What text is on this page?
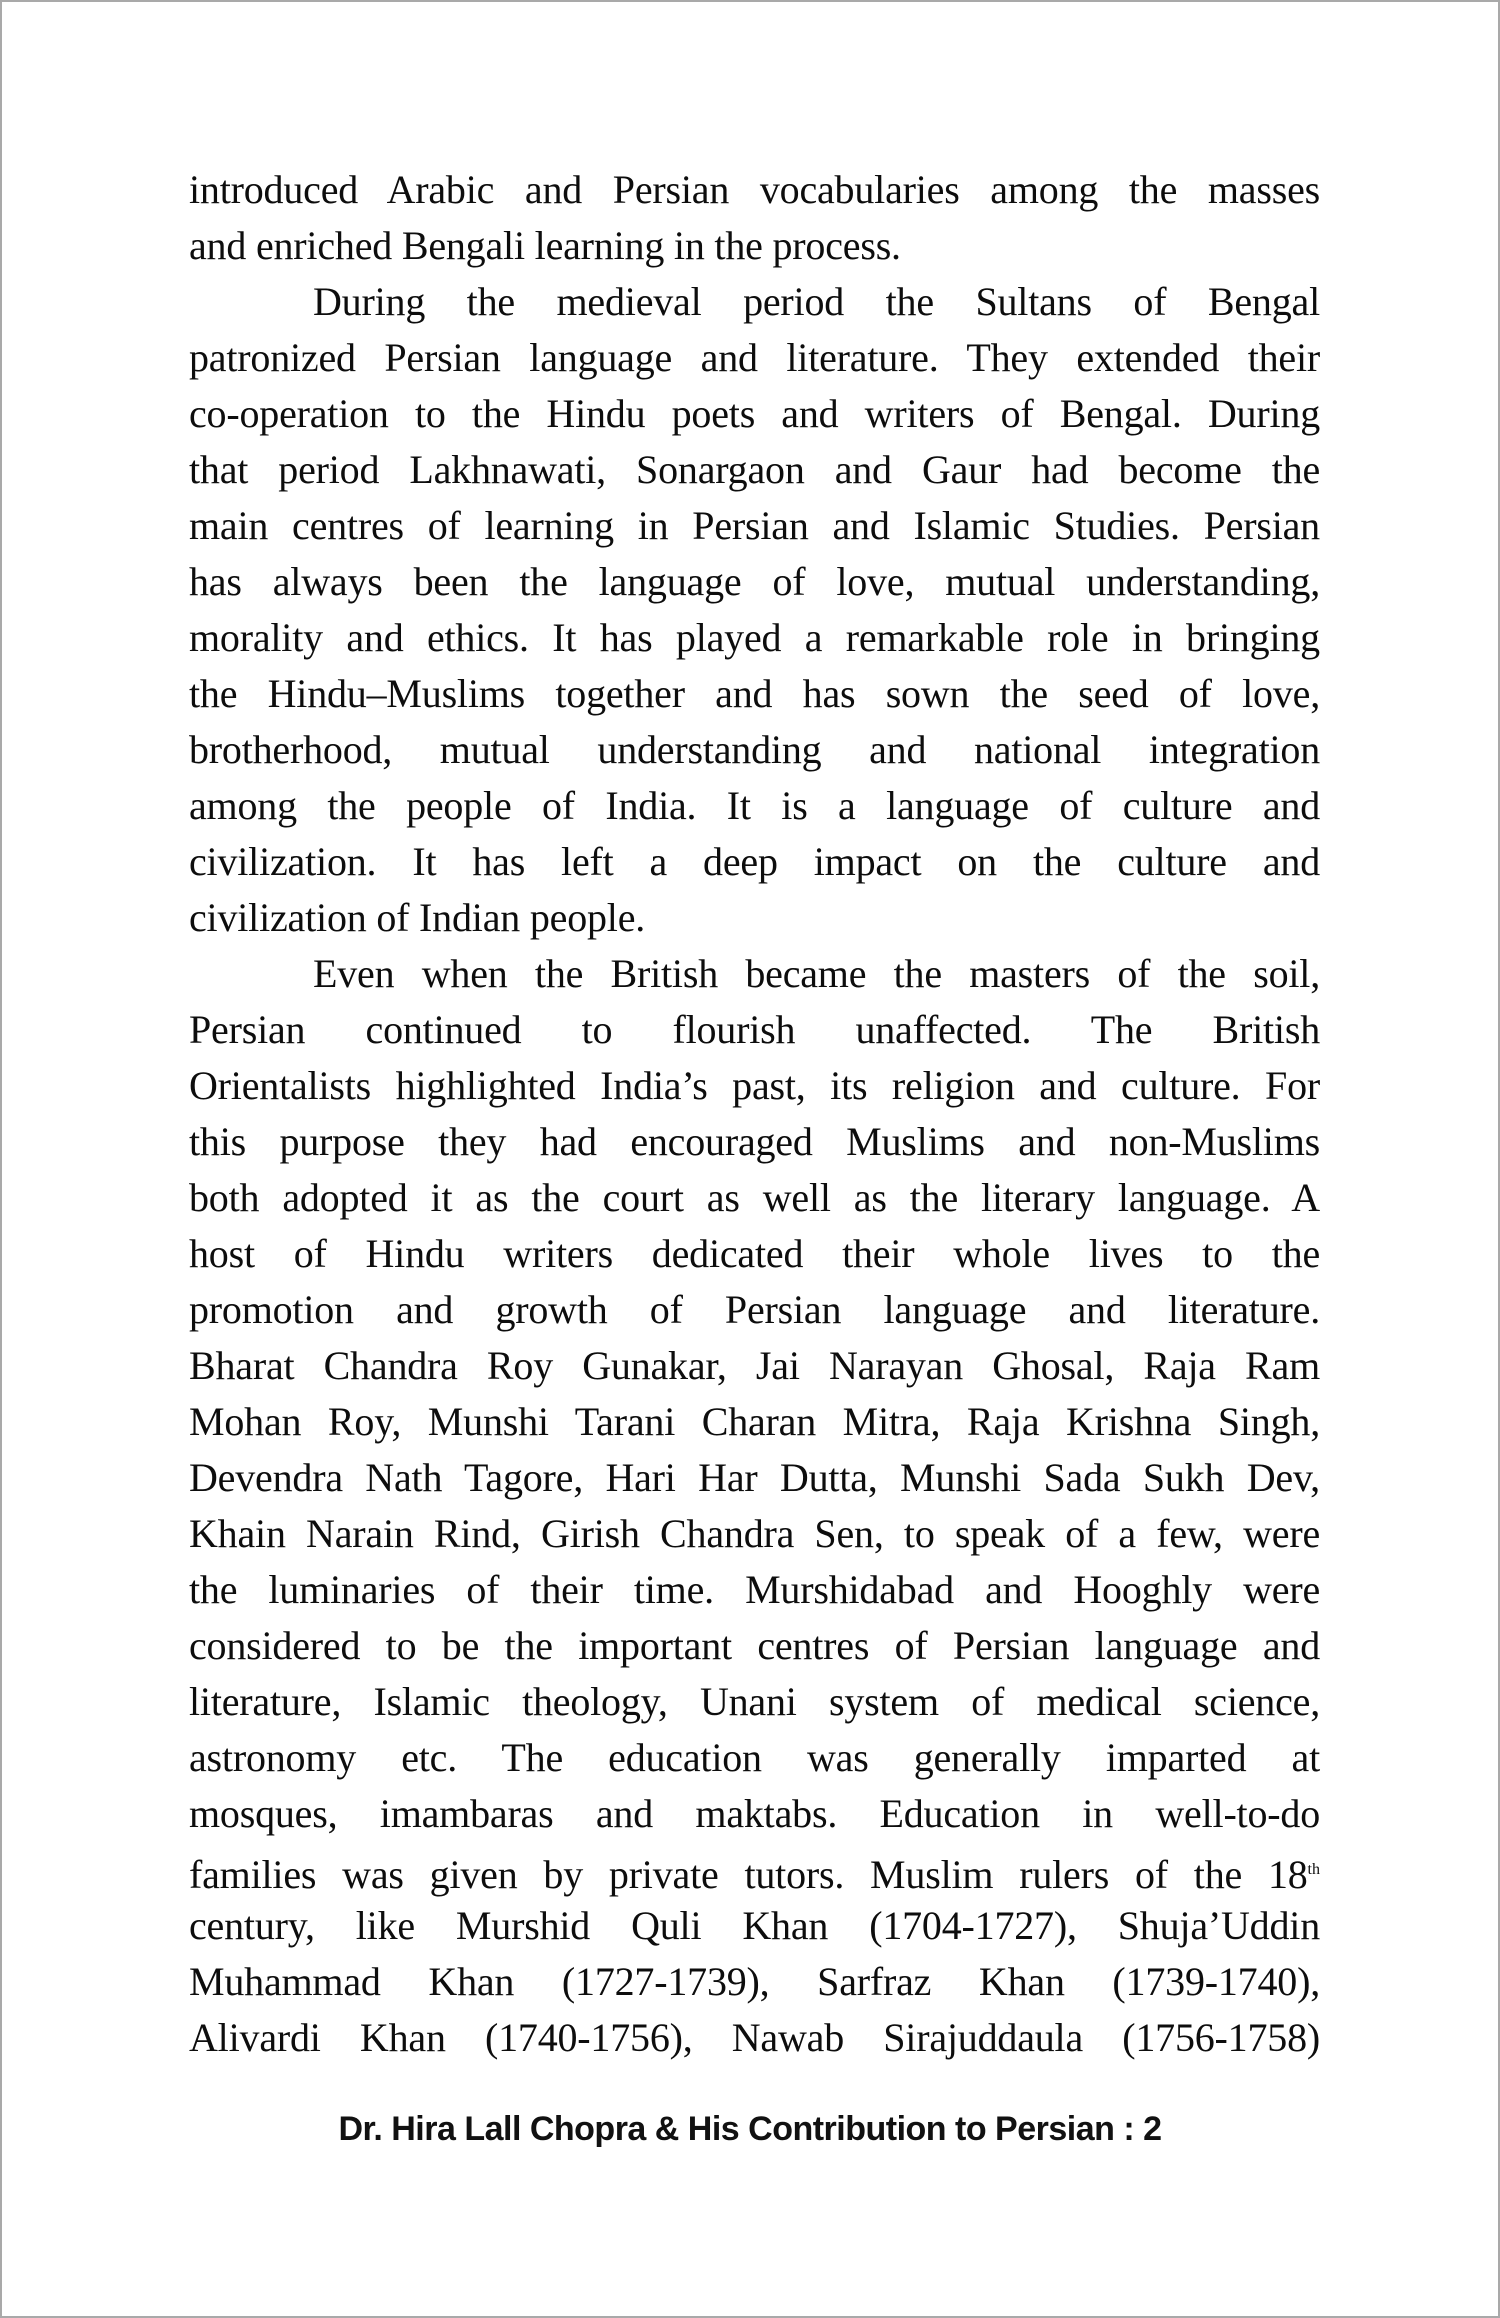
introduced Arabic and Persian vocabularies among the masses
and enriched Bengali learning in the process.
During the medieval period the Sultans of Bengal
patronized Persian language and literature. They extended their
co-operation to the Hindu poets and writers of Bengal. During
that period Lakhnawati, Sonargaon and Gaur had become the
main centres of learning in Persian and Islamic Studies. Persian
has always been the language of love, mutual understanding,
morality and ethics. It has played a remarkable role in bringing
the Hindu–Muslims together and has sown the seed of love,
brotherhood, mutual understanding and national integration
among the people of India. It is a language of culture and
civilization. It has left a deep impact on the culture and
civilization of Indian people.
Even when the British became the masters of the soil,
Persian continued to flourish unaffected. The British
Orientalists highlighted India’s past, its religion and culture. For
this purpose they had encouraged Muslims and non-Muslims
both adopted it as the court as well as the literary language. A
host of Hindu writers dedicated their whole lives to the
promotion and growth of Persian language and literature.
Bharat Chandra Roy Gunakar, Jai Narayan Ghosal, Raja Ram
Mohan Roy, Munshi Tarani Charan Mitra, Raja Krishna Singh,
Devendra Nath Tagore, Hari Har Dutta, Munshi Sada Sukh Dev,
Khain Narain Rind, Girish Chandra Sen, to speak of a few, were
the luminaries of their time. Murshidabad and Hooghly were
considered to be the important centres of Persian language and
literature, Islamic theology, Unani system of medical science,
astronomy etc. The education was generally imparted at
mosques, imambaras and maktabs. Education in well-to-do
families was given by private tutors. Muslim rulers of the 18th
century, like Murshid Quli Khan (1704-1727), Shuja’Uddin
Muhammad Khan (1727-1739), Sarfraz Khan (1739-1740),
Alivardi Khan (1740-1756), Nawab Sirajuddaula (1756-1758)
Dr. Hira Lall Chopra & His Contribution to Persian : 2
